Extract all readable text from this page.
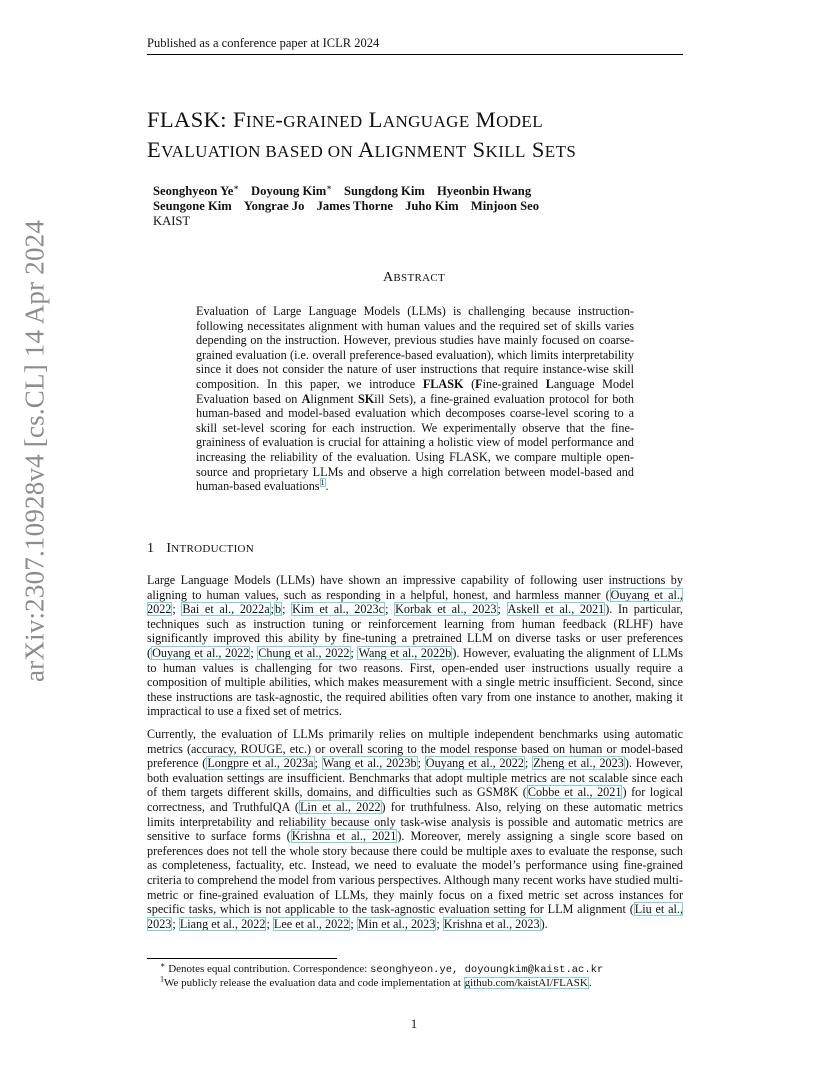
arXiv:2307.10928v4 [cs.CL] 14 Apr 2024
Published as a conference paper at ICLR 2024
FLASK: FINE-GRAINED LANGUAGE MODEL
EVALUATION BASED ON ALIGNMENT SKILL SETS
Seonghyeon Ye∗ Doyoung Kim∗ Sungdong Kim Hyeonbin Hwang
Seungone Kim Yongrae Jo James Thorne Juho Kim Minjoon Seo
KAIST
ABSTRACT
Evaluation of Large Language Models (LLMs) is challenging because instruction-following necessitates alignment with human values and the required set of skills varies depending on the instruction. However, previous studies have mainly focused on coarse-grained evaluation (i.e. overall preference-based evaluation), which limits interpretability since it does not consider the nature of user instructions that require instance-wise skill composition. In this paper, we introduce FLASK (Fine-grained Language Model Evaluation based on Alignment SKill Sets), a fine-grained evaluation protocol for both human-based and model-based evaluation which decomposes coarse-level scoring to a skill set-level scoring for each instruction. We experimentally observe that the fine-graininess of evaluation is crucial for attaining a holistic view of model performance and increasing the reliability of the evaluation. Using FLASK, we compare multiple open-source and proprietary LLMs and observe a high correlation between model-based and human-based evaluations$^1$.
1 INTRODUCTION
Large Language Models (LLMs) have shown an impressive capability of following user instructions by aligning to human values, such as responding in a helpful, honest, and harmless manner (Ouyang et al., 2022; Bai et al., 2022a;b; Kim et al., 2023c; Korbak et al., 2023; Askell et al., 2021). In particular, techniques such as instruction tuning or reinforcement learning from human feedback (RLHF) have significantly improved this ability by fine-tuning a pretrained LLM on diverse tasks or user preferences (Ouyang et al., 2022; Chung et al., 2022; Wang et al., 2022b). However, evaluating the alignment of LLMs to human values is challenging for two reasons. First, open-ended user instructions usually require a composition of multiple abilities, which makes measurement with a single metric insufficient. Second, since these instructions are task-agnostic, the required abilities often vary from one instance to another, making it impractical to use a fixed set of metrics.
Currently, the evaluation of LLMs primarily relies on multiple independent benchmarks using automatic metrics (accuracy, ROUGE, etc.) or overall scoring to the model response based on human or model-based preference (Longpre et al., 2023a; Wang et al., 2023b; Ouyang et al., 2022; Zheng et al., 2023). However, both evaluation settings are insufficient. Benchmarks that adopt multiple metrics are not scalable since each of them targets different skills, domains, and difficulties such as GSM8K (Cobbe et al., 2021) for logical correctness, and TruthfulQA (Lin et al., 2022) for truthfulness. Also, relying on these automatic metrics limits interpretability and reliability because only task-wise analysis is possible and automatic metrics are sensitive to surface forms (Krishna et al., 2021). Moreover, merely assigning a single score based on preferences does not tell the whole story because there could be multiple axes to evaluate the response, such as completeness, factuality, etc. Instead, we need to evaluate the model’s performance using fine-grained criteria to comprehend the model from various perspectives. Although many recent works have studied multi-metric or fine-grained evaluation of LLMs, they mainly focus on a fixed metric set across instances for specific tasks, which is not applicable to the task-agnostic evaluation setting for LLM alignment (Liu et al., 2023; Liang et al., 2022; Lee et al., 2022; Min et al., 2023; Krishna et al., 2023).
∗ Denotes equal contribution. Correspondence: seonghyeon.ye, doyoungkim@kaist.ac.kr
$^1$We publicly release the evaluation data and code implementation at github.com/kaistAI/FLASK.
1
